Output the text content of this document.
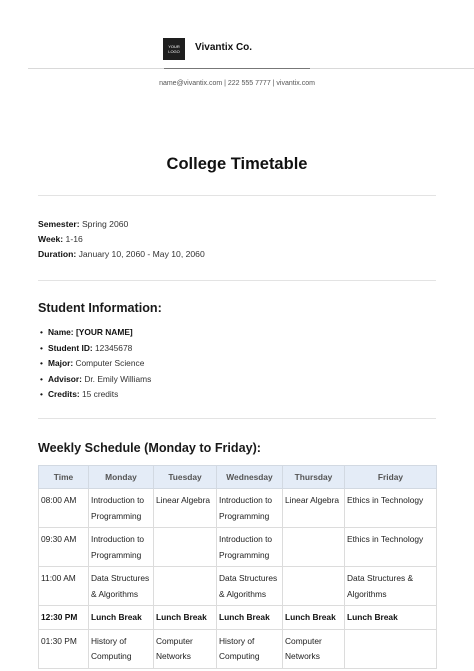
YOUR
LOGO Vivantix Co.
name@vivantix.com | 222 555 7777 | vivantix.com
College Timetable
Semester: Spring 2060
Week: 1-16
Duration: January 10, 2060 - May 10, 2060
Student Information:
• Name: [YOUR NAME]
• Student ID: 12345678
• Major: Computer Science
• Advisor: Dr. Emily Williams
• Credits: 15 credits
Weekly Schedule (Monday to Friday):
Time	Monday	Tuesday	Wednesday	Thursday	Friday
08:00 AM	Introduction to Programming	Linear Algebra	Introduction to Programming	Linear Algebra	Ethics in Technology
09:30 AM	Introduction to Programming		Introduction to Programming		Ethics in Technology
11:00 AM	Data Structures & Algorithms		Data Structures & Algorithms		Data Structures & Algorithms
12:30 PM	Lunch Break	Lunch Break	Lunch Break	Lunch Break	Lunch Break
01:30 PM	History of Computing	Computer Networks	History of Computing	Computer Networks	
